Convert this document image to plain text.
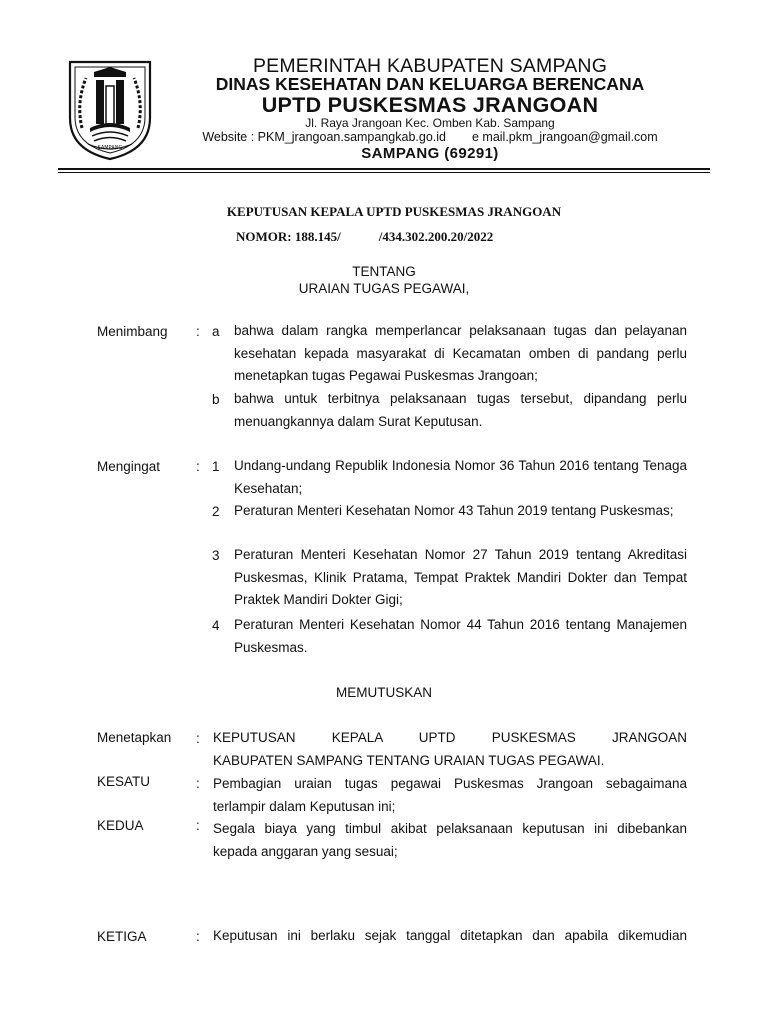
SAMPANG
PEMERINTAH KABUPATEN SAMPANG
DINAS KESEHATAN DAN KELUARGA BERENCANA
UPTD PUSKESMAS JRANGOAN
Jl. Raya Jrangoan Kec. Omben Kab. Sampang
Website : PKM_jrangoan.sampangkab.go.id e mail.pkm_jrangoan@gmail.com
SAMPANG (69291)
KEPUTUSAN KEPALA UPTD PUSKESMAS JRANGOAN
NOMOR: 188.145/	/434.302.200.20/2022
TENTANG
URAIAN TUGAS PEGAWAI,
Menimbang : a bahwa dalam rangka memperlancar pelaksanaan tugas dan pelayanan kesehatan kepada masyarakat di Kecamatan omben di pandang perlu menetapkan tugas Pegawai Puskesmas Jrangoan;
b bahwa untuk terbitnya pelaksanaan tugas tersebut, dipandang perlu menuangkannya dalam Surat Keputusan.
Mengingat	: 1 Undang-undang Republik Indonesia Nomor 36 Tahun 2016 tentang Tenaga Kesehatan;
2 Peraturan Menteri Kesehatan Nomor 43 Tahun 2019 tentang Puskesmas;
3 Peraturan Menteri Kesehatan Nomor 27 Tahun 2019 tentang Akreditasi Puskesmas, Klinik Pratama, Tempat Praktek Mandiri Dokter dan Tempat Praktek Mandiri Dokter Gigi;
4 Peraturan Menteri Kesehatan Nomor 44 Tahun 2016 tentang Manajemen Puskesmas.
MEMUTUSKAN
Menetapkan : KEPUTUSAN KEPALA UPTD PUSKESMAS JRANGOAN
KABUPATEN SAMPANG TENTANG URAIAN TUGAS PEGAWAI.
KESATU	: Pembagian uraian tugas pegawai Puskesmas Jrangoan sebagaimana terlampir dalam Keputusan ini;
KEDUA	: Segala biaya yang timbul akibat pelaksanaan keputusan ini dibebankan kepada anggaran yang sesuai;
KETIGA	: Keputusan ini berlaku sejak tanggal ditetapkan dan apabila dikemudian
